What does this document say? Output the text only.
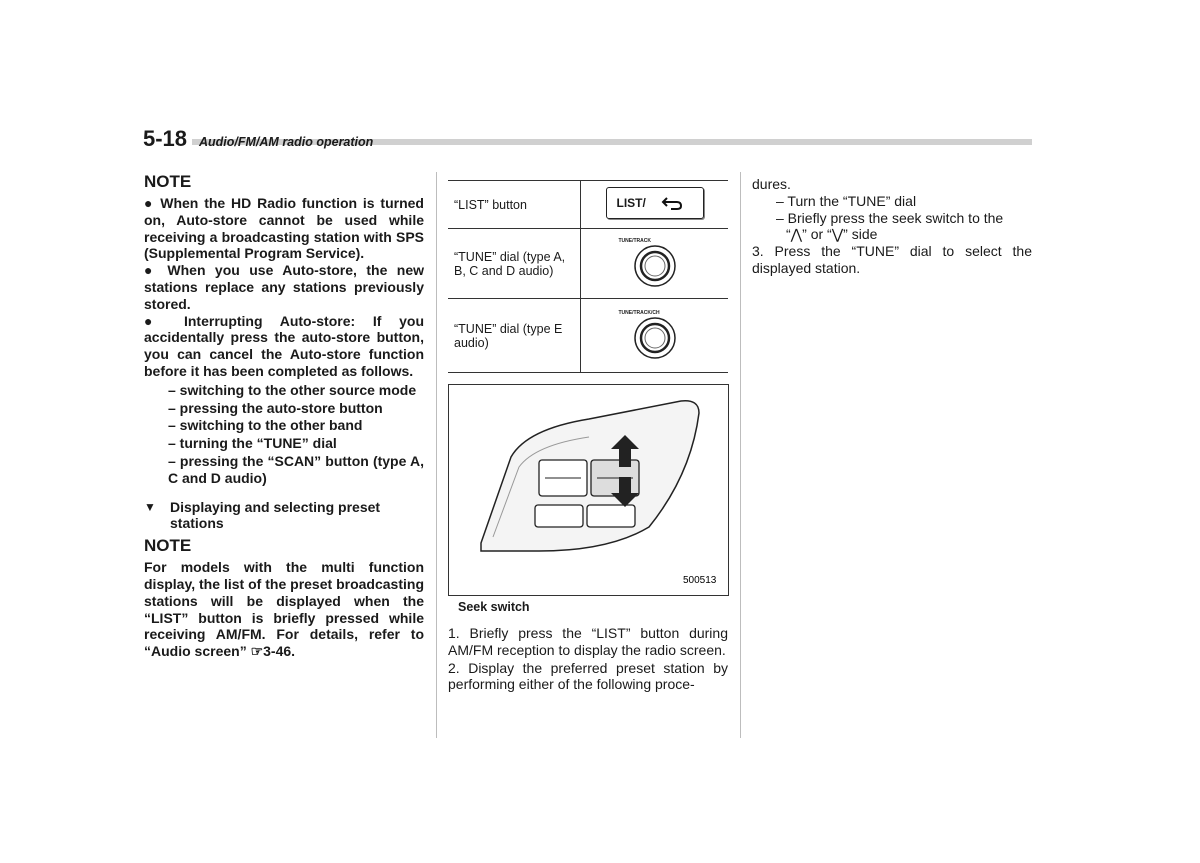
5-18 Audio/FM/AM radio operation
NOTE

● When the HD Radio function is turned on, Auto-store cannot be used while receiving a broadcasting station with SPS (Supplemental Program Service).

● When you use Auto-store, the new stations replace any stations previously stored.

● Interrupting Auto-store: If you accidentally press the auto-store button, you can cancel the Auto-store function before it has been completed as follows.

– switching to the other source mode

– pressing the auto-store button

– switching to the other band

– turning the “TUNE” dial

– pressing the “SCAN” button (type A, C and D audio)

▼	Displaying and selecting preset stations
NOTE

For models with the multi function display, the list of the preset broadcasting stations will be displayed when the “LIST” button is briefly pressed while receiving AM/FM. For details, refer to “Audio screen” ☞3-46.

“LIST” button	LIST/

“TUNE” dial (type A, B, C and D audio)	TUNE/TRACK

“TUNE” dial (type E audio)	TUNE/TRACK/CH
500513
Seek switch

1. Briefly press the “LIST” button during AM/FM reception to display the radio screen.

2. Display the preferred preset station by performing either of the following proce-

dures.

– Turn the “TUNE” dial

– Briefly press the seek switch to the

“⋀” or “⋁” side

3. Press the “TUNE” dial to select the displayed station.
